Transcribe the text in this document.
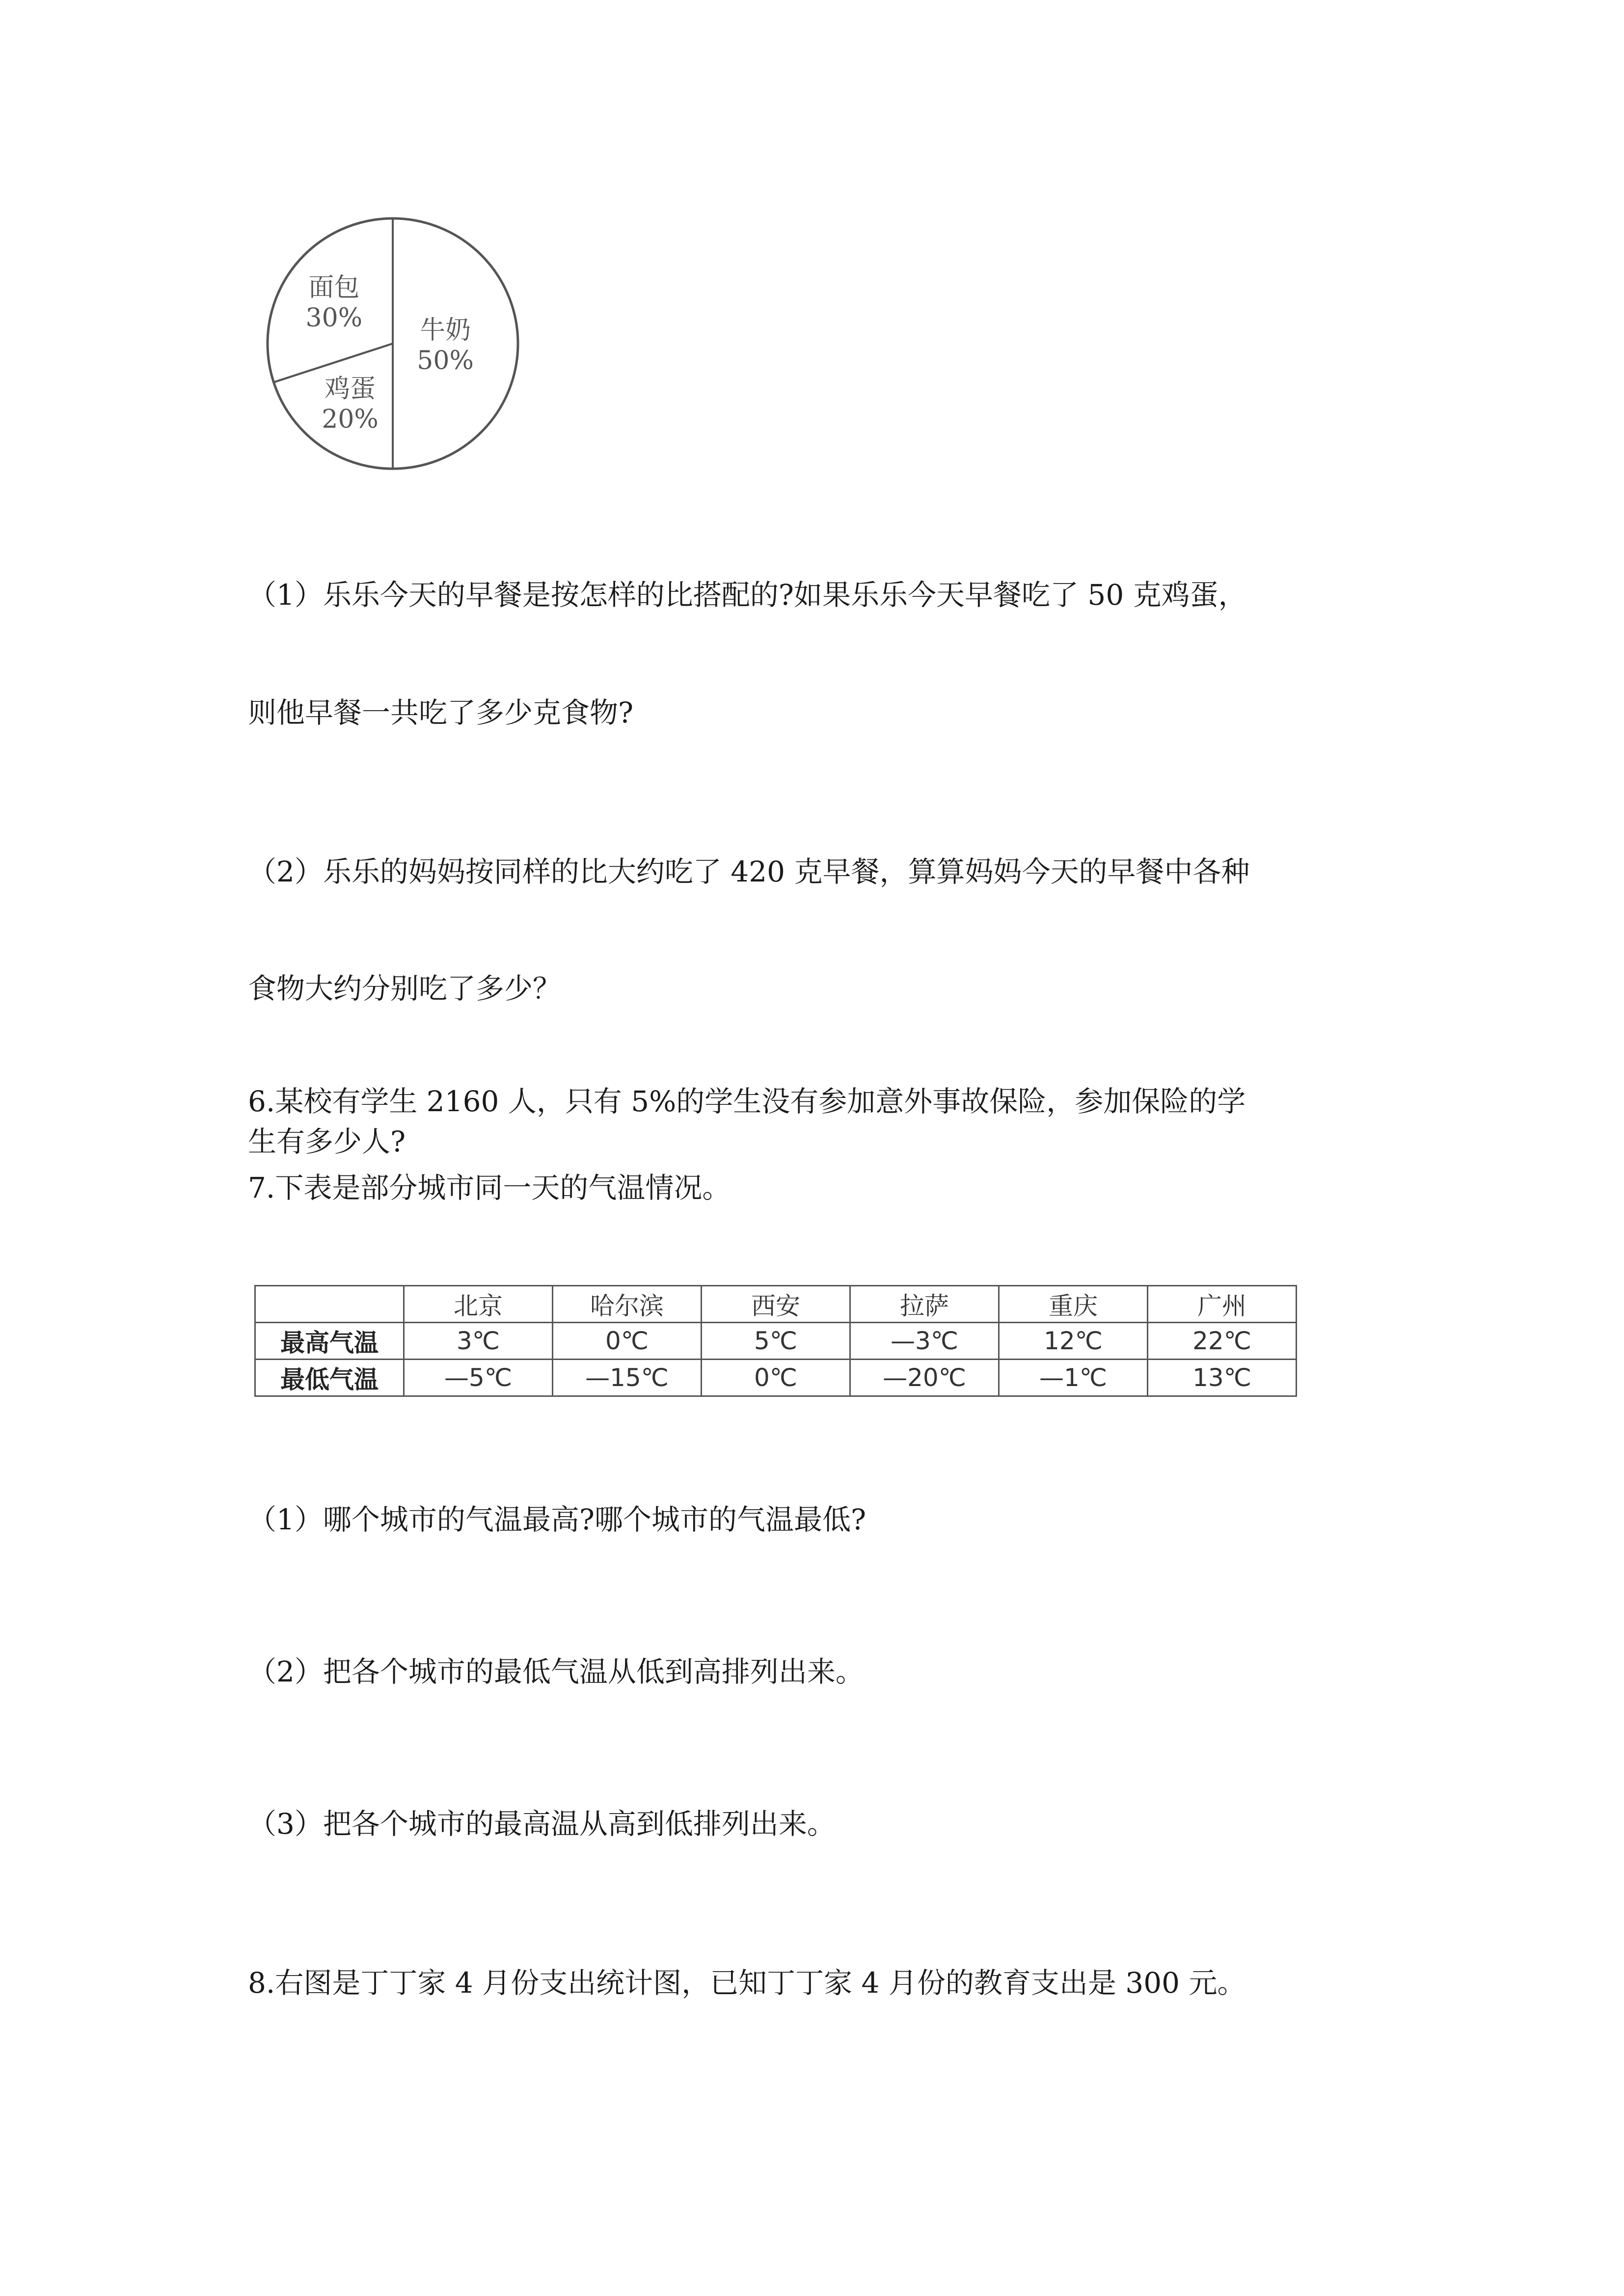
牛奶
50%
鸡蛋
20%
面包
30%
（1）乐乐今天的早餐是按怎样的比搭配的?如果乐乐今天早餐吃了 50 克鸡蛋，
则他早餐一共吃了多少克食物?
（2）乐乐的妈妈按同样的比大约吃了 420 克早餐，算算妈妈今天的早餐中各种
食物大约分别吃了多少？
6.某校有学生 2160 人，只有 5%的学生没有参加意外事故保险，参加保险的学
生有多少人?
7.下表是部分城市同一天的气温情况。
	北京	哈尔滨	西安	拉萨	重庆	广州
最高气温	3℃	0℃	5℃	—3℃	12℃	22℃
最低气温	—5℃	—15℃	0℃	—20℃	—1℃	13℃
（1）哪个城市的气温最高?哪个城市的气温最低?
（2）把各个城市的最低气温从低到高排列出来。
（3）把各个城市的最高温从高到低排列出来。
8.右图是丁丁家 4 月份支出统计图，已知丁丁家 4 月份的教育支出是 300 元。
